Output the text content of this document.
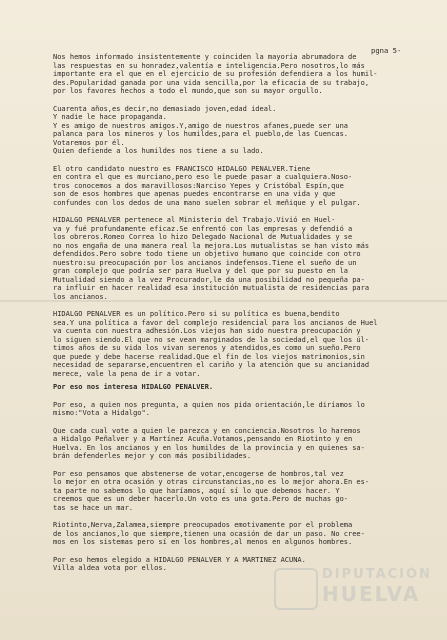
pgna 5-
Nos hemos informado insistentemente y coinciden la mayoría abrumadora de
las respuestas en su honradez,valentía e inteligencia.Pero nosotros,lo más
importante era el que en el ejercicio de su profesión defendiera a los humil-
des.Popularidad ganada por una vida sencilla,por la eficacia de su trabajo,
por los favores hechos a todo el mundo,que son su mayor orgullo.
Cuarenta años,es decir,no demasiado joven,edad ideal.
Y nadie le hace propaganda.
Y es amigo de nuestros amigos.Y,amigo de nuestros afanes,puede ser una
palanca para los mineros y los humildes,para el pueblo,de las Cuencas.
Votaremos por él.
Quien defiende a los humildes nos tiene a su lado.
El otro candidato nuestro es FRANCISCO HIDALGO PEÑALVER.Tiene
en contra el que es murciano,pero eso le puede pasar a cualquiera.Noso-
tros conocemos a dos maravillosos:Narciso Yepes y Cristóbal Espín,que
son de esos hombres que apenas puedes encontrarse en una vida y que
confundes con los dedos de una mano suelen sobrar el meñique y el pulgar.
HIDALGO PEÑALVER pertenece al Ministerio del Trabajo.Vivió en Huel-
va y fué profundamente eficaz.Se enfrentó con las empresas y defendió a
los obreros.Romeo Correa lo hizo Delegado Nacional de Mutualidades y se
no nos engaña de una manera real la mejora.Los mutualistas se han visto más
defendidos.Pero sobre todo tiene un objetivo humano que coincide con otro
nuestro:su preocupación por los ancianos indefensos.Tiene el sueño de un
gran complejo que podría ser para Huelva y del que por su puesto en la
Mutualidad siendo a la vez Procurador,le da una posibilidad no pequeña pa-
ra influir en hacer realidad esa institución mutualista de residencias para
los ancianos.
HIDALGO PEÑALVER es un político.Pero si su política es buena,bendito
sea.Y una política a favor del complejo residencial para los ancianos de Huel
va cuenta con nuestra adhesión.Los viejos han sido nuestra preocupación y
lo siguen siendo.El que no se vean marginados de la sociedad,el que los úl-
timos años de su vida los vivan serenos y atendidos,es como un sueño.Pero
que puede y debe hacerse realidad.Que el fin de los viejos matrimonios,sin
necesidad de separarse,encuentren el cariño y la atención que su ancianidad
merece, vale la pena de ir a votar.
Por eso nos interesa HIDALGO PEÑALVER.
Por eso, a quien nos pregunta, a quien nos pida orientación,le diríamos lo
mismo:"Vota a Hidalgo".
Que cada cual vote a quien le parezca y en conciencia.Nosotros lo haremos
a Hidalgo Peñalver y a Martínez Acuña.Votamos,pensando en Riotinto y en
Huelva. En los ancianos y en los humildes de la provincia y en quienes sa-
brán defenderles mejor y con más posibilidades.
Por eso pensamos que abstenerse de votar,encogerse de hombros,tal vez
lo mejor en otra ocasión y otras circunstancias,no es lo mejor ahora.En es-
ta parte no sabemos lo que haríamos, aquí sí lo que debemos hacer. Y
creemos que es un deber hacerlo.Un voto es una gota.Pero de muchas go-
tas se hace un mar.
Riotinto,Nerva,Zalamea,siempre preocupados emotivamente por el problema
de los ancianos,lo que siempre,tienen una ocasión de dar un paso. No cree-
mos en los sistemas pero sí en los hombres,al menos en algunos hombres.
Por eso hemos elegido a HIDALGO PEÑALVER Y A MARTINEZ ACUÑA.
Villa aldea vota por ellos.	DIPUTACIÓN
HUELVA
